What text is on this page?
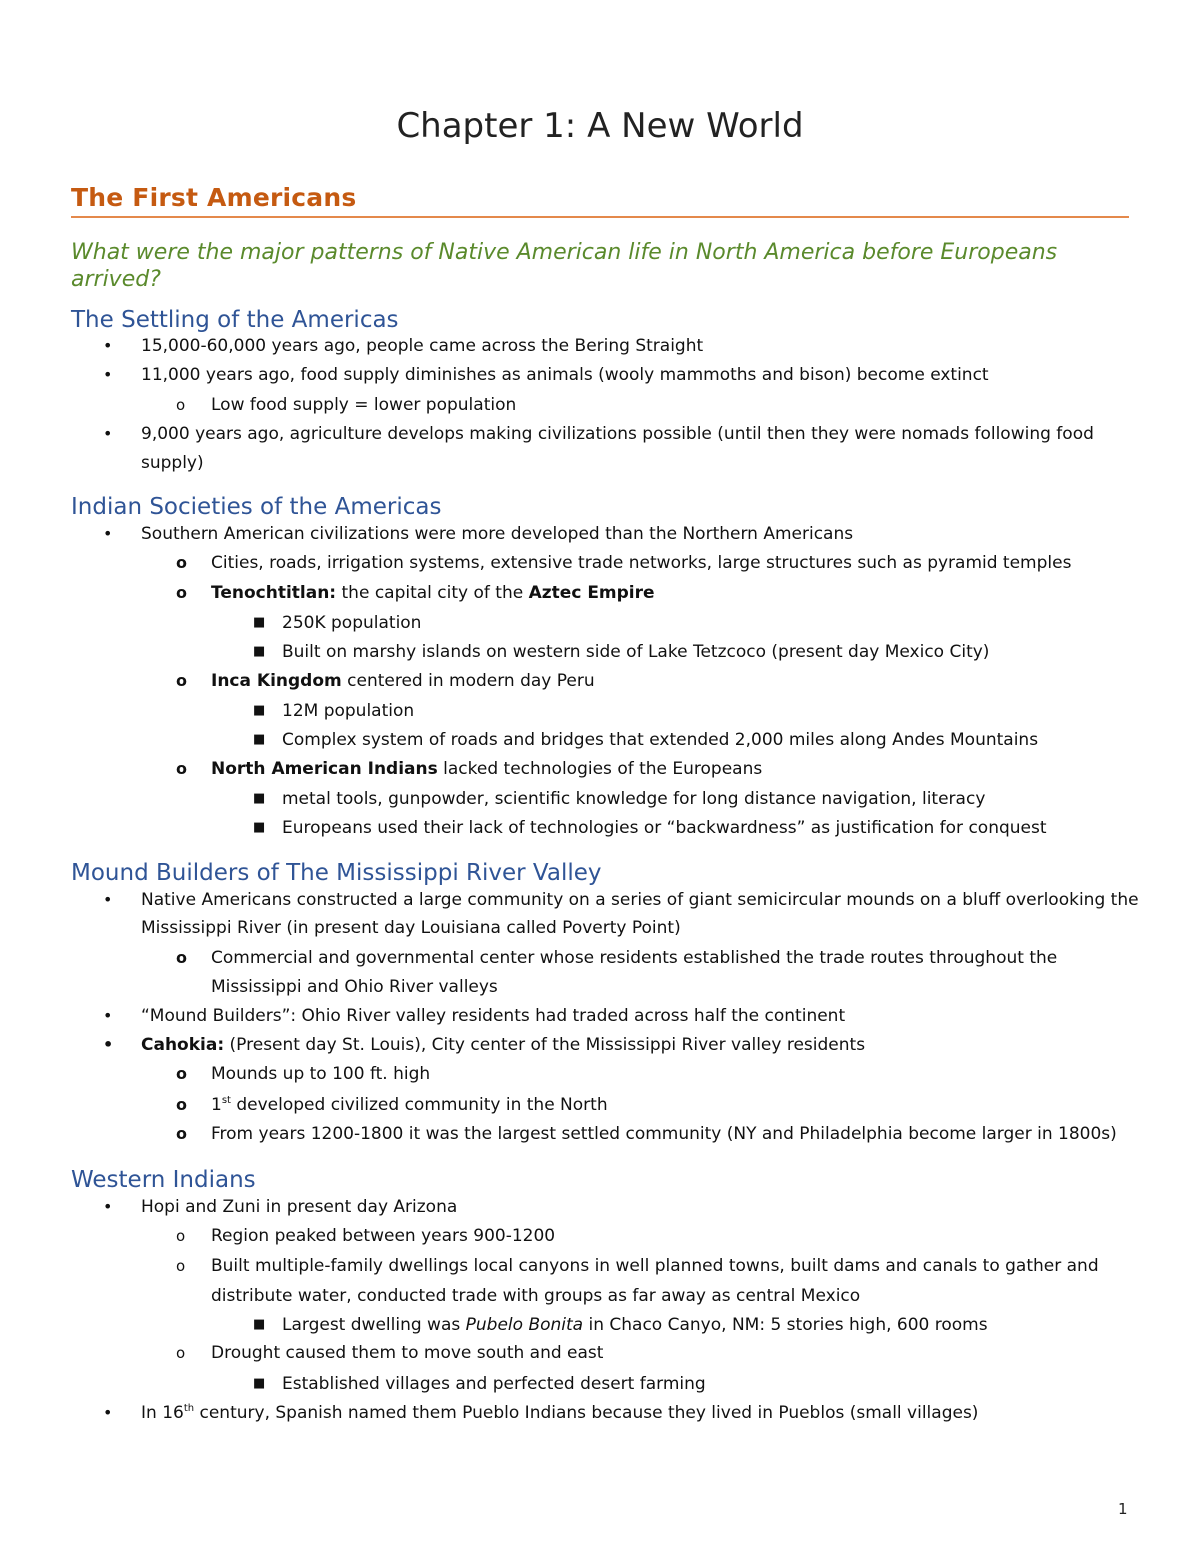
Chapter 1: A New World
The First Americans
What were the major patterns of Native American life in North America before Europeans arrived?
The Settling of the Americas
• 15,000-60,000 years ago, people came across the Bering Straight
• 11,000 years ago, food supply diminishes as animals (wooly mammoths and bison) become extinct
o Low food supply = lower population
• 9,000 years ago, agriculture develops making civilizations possible (until then they were nomads following food
supply)
Indian Societies of the Americas
• Southern American civilizations were more developed than the Northern Americans
o Cities, roads, irrigation systems, extensive trade networks, large structures such as pyramid temples
o Tenochtitlan: the capital city of the Aztec Empire
■ 250K population
■ Built on marshy islands on western side of Lake Tetzcoco (present day Mexico City)
o Inca Kingdom centered in modern day Peru
■ 12M population
■ Complex system of roads and bridges that extended 2,000 miles along Andes Mountains
o North American Indians lacked technologies of the Europeans
■ metal tools, gunpowder, scientific knowledge for long distance navigation, literacy
■ Europeans used their lack of technologies or “backwardness” as justification for conquest
Mound Builders of The Mississippi River Valley
• Native Americans constructed a large community on a series of giant semicircular mounds on a bluff overlooking the
Mississippi River (in present day Louisiana called Poverty Point)
o Commercial and governmental center whose residents established the trade routes throughout the
Mississippi and Ohio River valleys
• “Mound Builders”: Ohio River valley residents had traded across half the continent
• Cahokia: (Present day St. Louis), City center of the Mississippi River valley residents
o Mounds up to 100 ft. high
o 1st developed civilized community in the North
o From years 1200-1800 it was the largest settled community (NY and Philadelphia become larger in 1800s)
Western Indians
• Hopi and Zuni in present day Arizona
o Region peaked between years 900-1200
o Built multiple-family dwellings local canyons in well planned towns, built dams and canals to gather and
distribute water, conducted trade with groups as far away as central Mexico
■ Largest dwelling was Pubelo Bonita in Chaco Canyo, NM: 5 stories high, 600 rooms
o Drought caused them to move south and east
■ Established villages and perfected desert farming
• In 16th century, Spanish named them Pueblo Indians because they lived in Pueblos (small villages)
1
